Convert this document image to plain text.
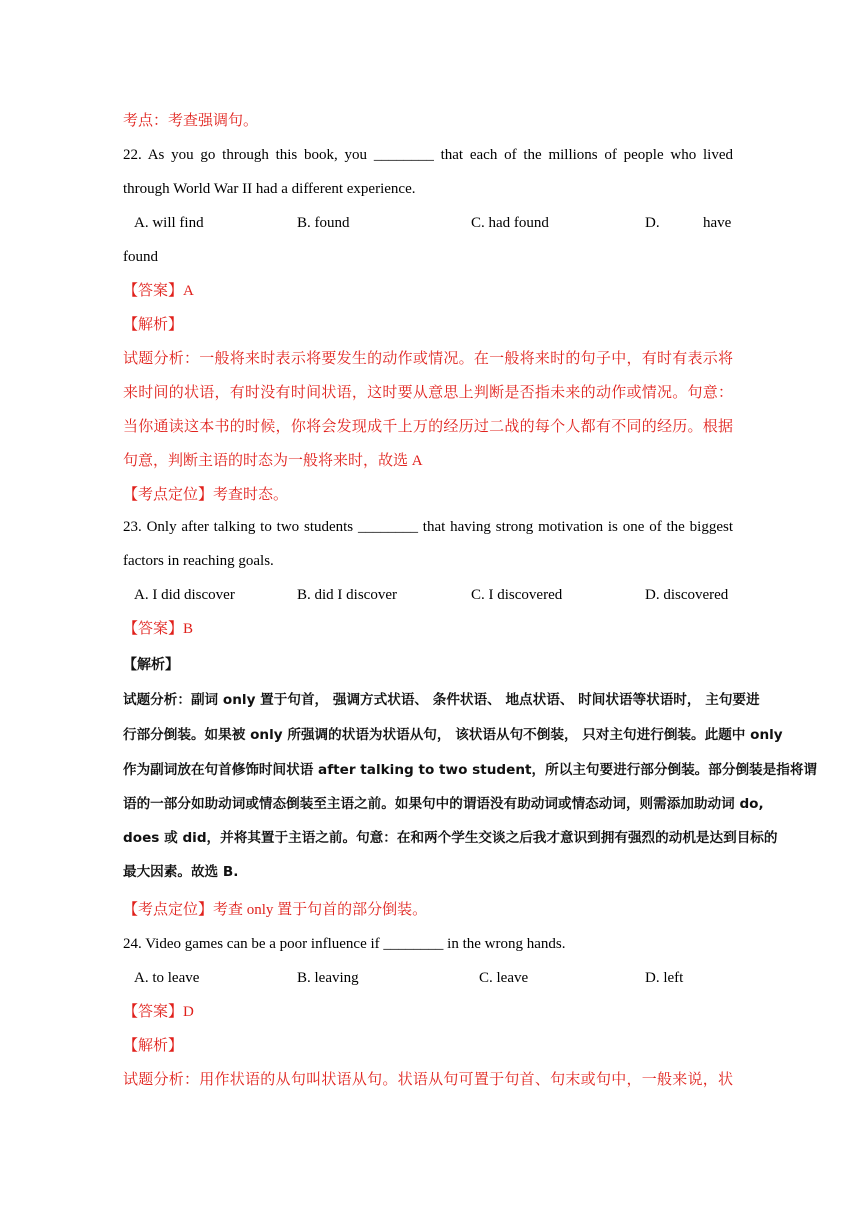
考点：考查强调句。
22. As you go through this book, you ________ that each of the millions of people who lived
through World War II had a different experience.
A. will find	B. found	C. had found	D.	have
found
【答案】A
【解析】
试题分析：一般将来时表示将要发生的动作或情况。在一般将来时的句子中，有时有表示将
来时间的状语，有时没有时间状语，这时要从意思上判断是否指未来的动作或情况。句意：
当你通读这本书的时候，你将会发现成千上万的经历过二战的每个人都有不同的经历。根据
句意，判断主语的时态为一般将来时，故选 A
【考点定位】考查时态。
23. Only after talking to two students ________ that having strong motivation is one of the biggest
factors in reaching goals.
A. I did discover	B. did I discover	C. I discovered	D. discovered
【答案】B
【解析】
试题分析：副词 only 置于句首， 强调方式状语、 条件状语、 地点状语、 时间状语等状语时， 主句要进
行部分倒装。如果被 only 所强调的状语为状语从句， 该状语从句不倒装， 只对主句进行倒装。此题中 only
作为副词放在句首修饰时间状语 after talking to two student，所以主句要进行部分倒装。部分倒装是指将谓
语的一部分如助动词或情态倒装至主语之前。如果句中的谓语没有助动词或情态动词，则需添加助动词 do,
does 或 did，并将其置于主语之前。句意：在和两个学生交谈之后我才意识到拥有强烈的动机是达到目标的
最大因素。故选 B.
【考点定位】考查 only 置于句首的部分倒装。
24. Video games can be a poor influence if ________ in the wrong hands.
A. to leave	B. leaving	C. leave	D. left
【答案】D
【解析】
试题分析：用作状语的从句叫状语从句。状语从句可置于句首、句末或句中，一般来说，状
